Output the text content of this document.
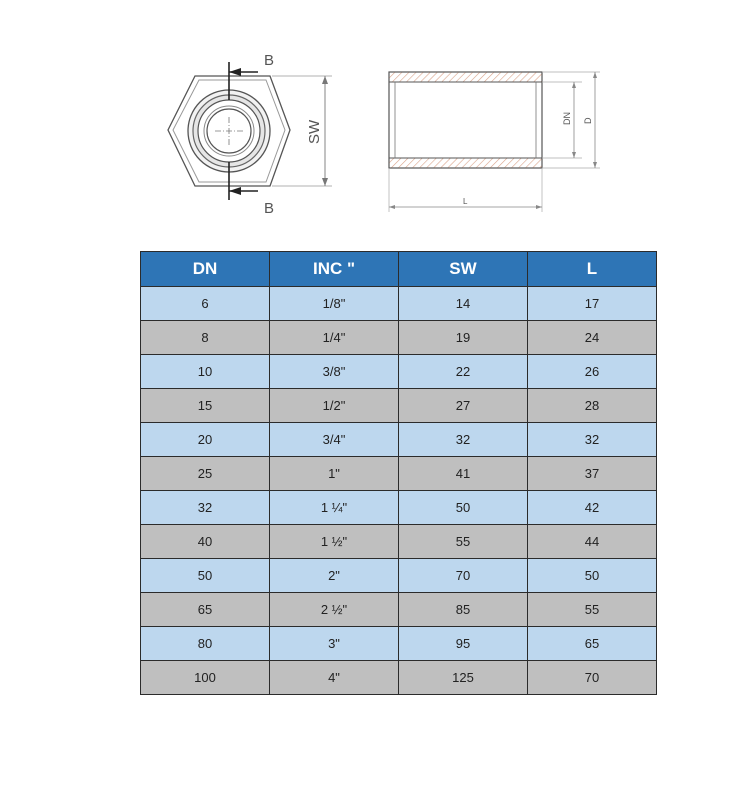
B
B
SW
DN D
L
DN	INC "	SW	L
6	1/8"	14	17
8	1/4"	19	24
10	3/8"	22	26
15	1/2"	27	28
20	3/4"	32	32
25	1"	41	37
32	1 ¼"	50	42
40	1 ½"	55	44
50	2"	70	50
65	2 ½"	85	55
80	3"	95	65
100	4"	125	70
